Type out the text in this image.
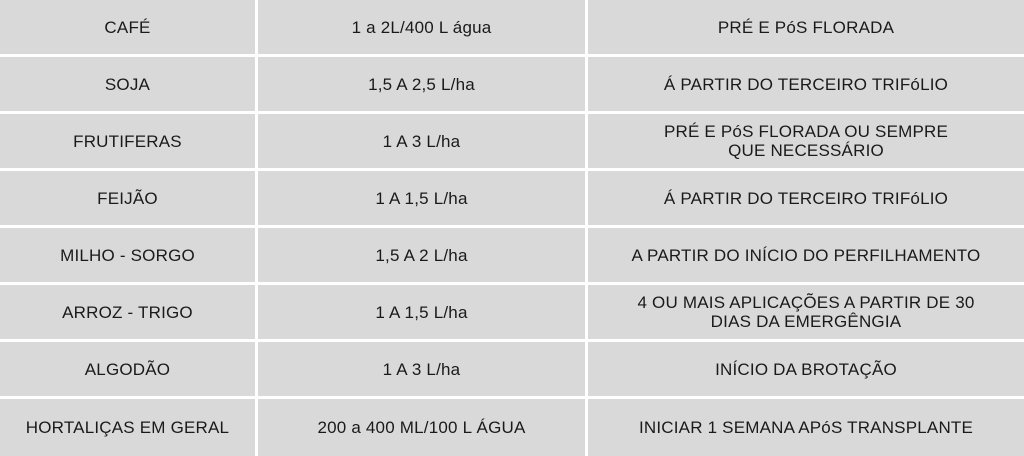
CAFÉ	1 a 2L/400 L água	PRÉ E PóS FLORADA
SOJA	1,5 A 2,5 L/ha	Á PARTIR DO TERCEIRO TRIFóLIO
FRUTIFERAS	1 A 3 L/ha	PRÉ E PóS FLORADA OU SEMPRE
QUE NECESSÁRIO
FEIJÃO	1 A 1,5 L/ha	Á PARTIR DO TERCEIRO TRIFóLIO
MILHO - SORGO	1,5 A 2 L/ha	A PARTIR DO INÍCIO DO PERFILHAMENTO
ARROZ - TRIGO	1 A 1,5 L/ha	4 OU MAIS APLICAÇÕES A PARTIR DE 30
DIAS DA EMERGÊNGIA
ALGODÃO	1 A 3 L/ha	INÍCIO DA BROTAÇÃO
HORTALIÇAS EM GERAL	200 a 400 ML/100 L ÁGUA	INICIAR 1 SEMANA APóS TRANSPLANTE
